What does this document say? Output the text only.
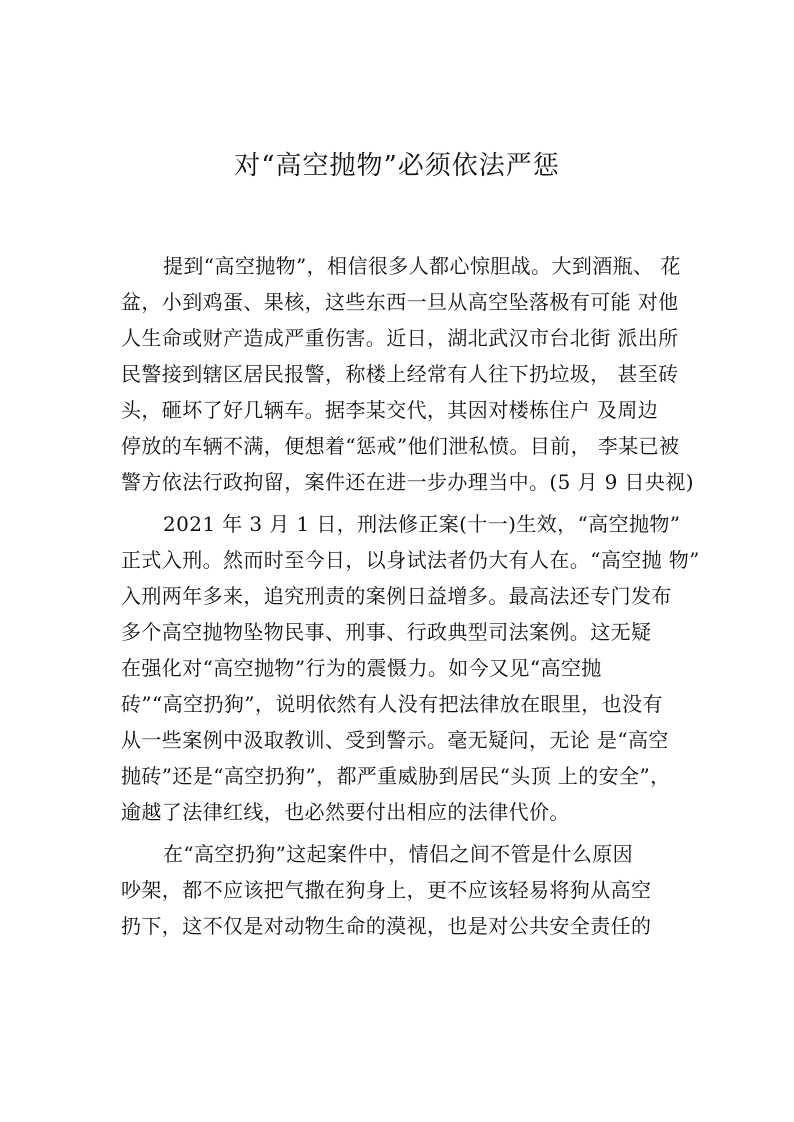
对“高空抛物”必须依法严惩
提到“高空抛物”，相信很多人都心惊胆战。大到酒瓶、 花
盆，小到鸡蛋、果核，这些东西一旦从高空坠落极有可能 对他
人生命或财产造成严重伤害。近日，湖北武汉市台北街 派出所
民警接到辖区居民报警，称楼上经常有人往下扔垃圾， 甚至砖
头，砸坏了好几辆车。据李某交代，其因对楼栋住户 及周边
停放的车辆不满，便想着“惩戒”他们泄私愤。目前， 李某已被
警方依法行政拘留，案件还在进一步办理当中。(5 月 9 日央视)
2021 年 3 月 1 日，刑法修正案(十一)生效，“高空抛物”
正式入刑。然而时至今日，以身试法者仍大有人在。“高空抛 物”
入刑两年多来，追究刑责的案例日益增多。最高法还专门发布
多个高空抛物坠物民事、刑事、行政典型司法案例。这无疑
在强化对“高空抛物”行为的震慑力。如今又见“高空抛
砖”“高空扔狗”，说明依然有人没有把法律放在眼里，也没有
从一些案例中汲取教训、受到警示。毫无疑问，无论 是“高空
抛砖”还是“高空扔狗”，都严重威胁到居民“头顶 上的安全”，
逾越了法律红线，也必然要付出相应的法律代价。
在“高空扔狗”这起案件中，情侣之间不管是什么原因
吵架，都不应该把气撒在狗身上，更不应该轻易将狗从高空
扔下，这不仅是对动物生命的漠视，也是对公共安全责任的
